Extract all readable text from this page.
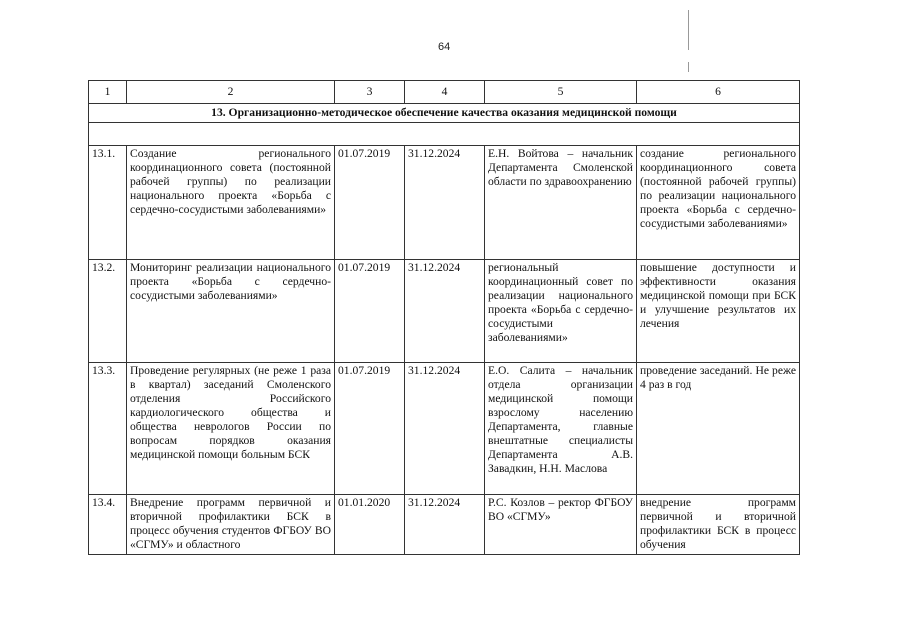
64
1	2	3	4	5	6
13. Организационно-методическое обеспечение качества оказания медицинской помощи					

13.1.	Создание регионального координационного совета (постоянной рабочей группы) по реализации национального проекта «Борьба с сердечно-сосудистыми заболеваниями»	01.07.2019	31.12.2024	Е.Н. Войтова – начальник Департамента Смоленской области по здравоохранению	создание регионального координационного совета (постоянной рабочей группы) по реализации национального проекта «Борьба с сердечно-сосудистыми заболеваниями»
13.2.	Мониторинг реализации национального проекта «Борьба с сердечно-сосудистыми заболеваниями»	01.07.2019	31.12.2024	региональный координационный совет по реализации национального проекта «Борьба с сердечно-сосудистыми заболеваниями»	повышение доступности и эффективности оказания медицинской помощи при БСК и улучшение результатов их лечения
13.3.	Проведение регулярных (не реже 1 раза в квартал) заседаний Смоленского отделения Российского кардиологического общества и общества неврологов России по вопросам порядков оказания медицинской помощи больным БСК	01.07.2019	31.12.2024	Е.О. Салита – начальник отдела организации медицинской помощи взрослому населению Департамента, главные внештатные специалисты Департамента А.В. Завадкин, Н.Н. Маслова	проведение заседаний. Не реже 4 раз в год
13.4.	Внедрение программ первичной и вторичной профилактики БСК в процесс обучения студентов ФГБОУ ВО «СГМУ» и областного	01.01.2020	31.12.2024	Р.С. Козлов – ректор ФГБОУ ВО «СГМУ»	внедрение программ первичной и вторичной профилактики БСК в процесс обучения
